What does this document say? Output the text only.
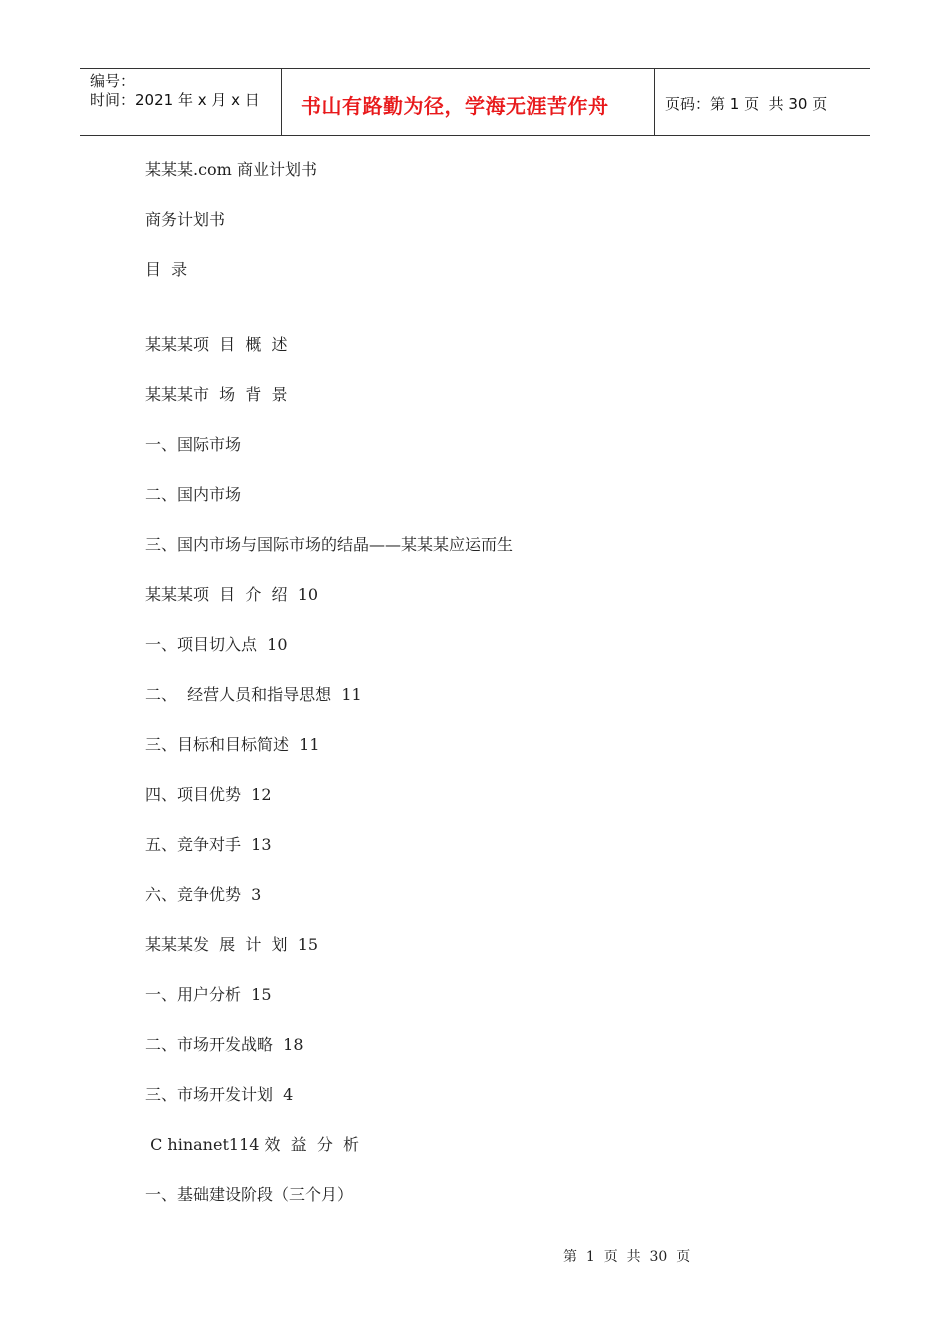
编号：
时间：2021 年 x 月 x 日	书山有路勤为径，学海无涯苦作舟	页码：第 1 页  共 30 页
某某某.com 商业计划书
商务计划书
目  录
某某某项  目  概  述
某某某市  场  背  景
一、国际市场
二、国内市场
三、国内市场与国际市场的结晶——某某某应运而生
某某某项  目  介  绍  10
一、项目切入点  10
二、  经营人员和指导思想  11
三、目标和目标简述  11
四、项目优势  12
五、竞争对手  13
六、竞争优势  3
某某某发  展  计  划  15
一、用户分析  15
二、市场开发战略  18
三、市场开发计划  4
C hinanet114 效  益  分  析
一、基础建设阶段（三个月）
第  1  页  共  30  页
